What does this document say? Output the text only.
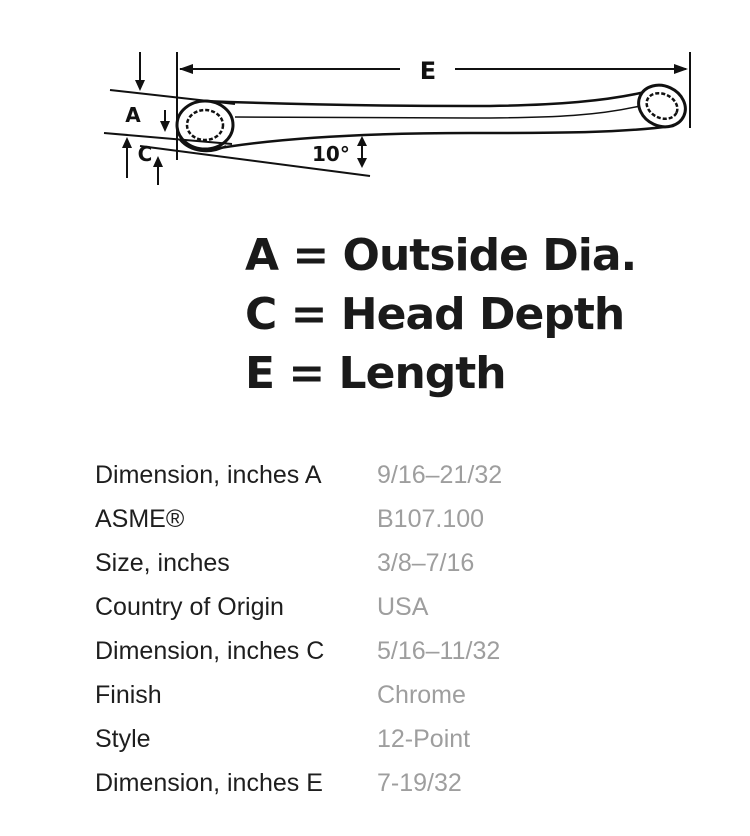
E
A
C	10°
A = Outside Dia.
C = Head Depth
E = Length
Dimension, inches A	9/16–21/32
ASME®	B107.100
Size, inches	3/8–7/16
Country of Origin	USA
Dimension, inches C	5/16–11/32
Finish	Chrome
Style	12-Point
Dimension, inches E	7-19/32
